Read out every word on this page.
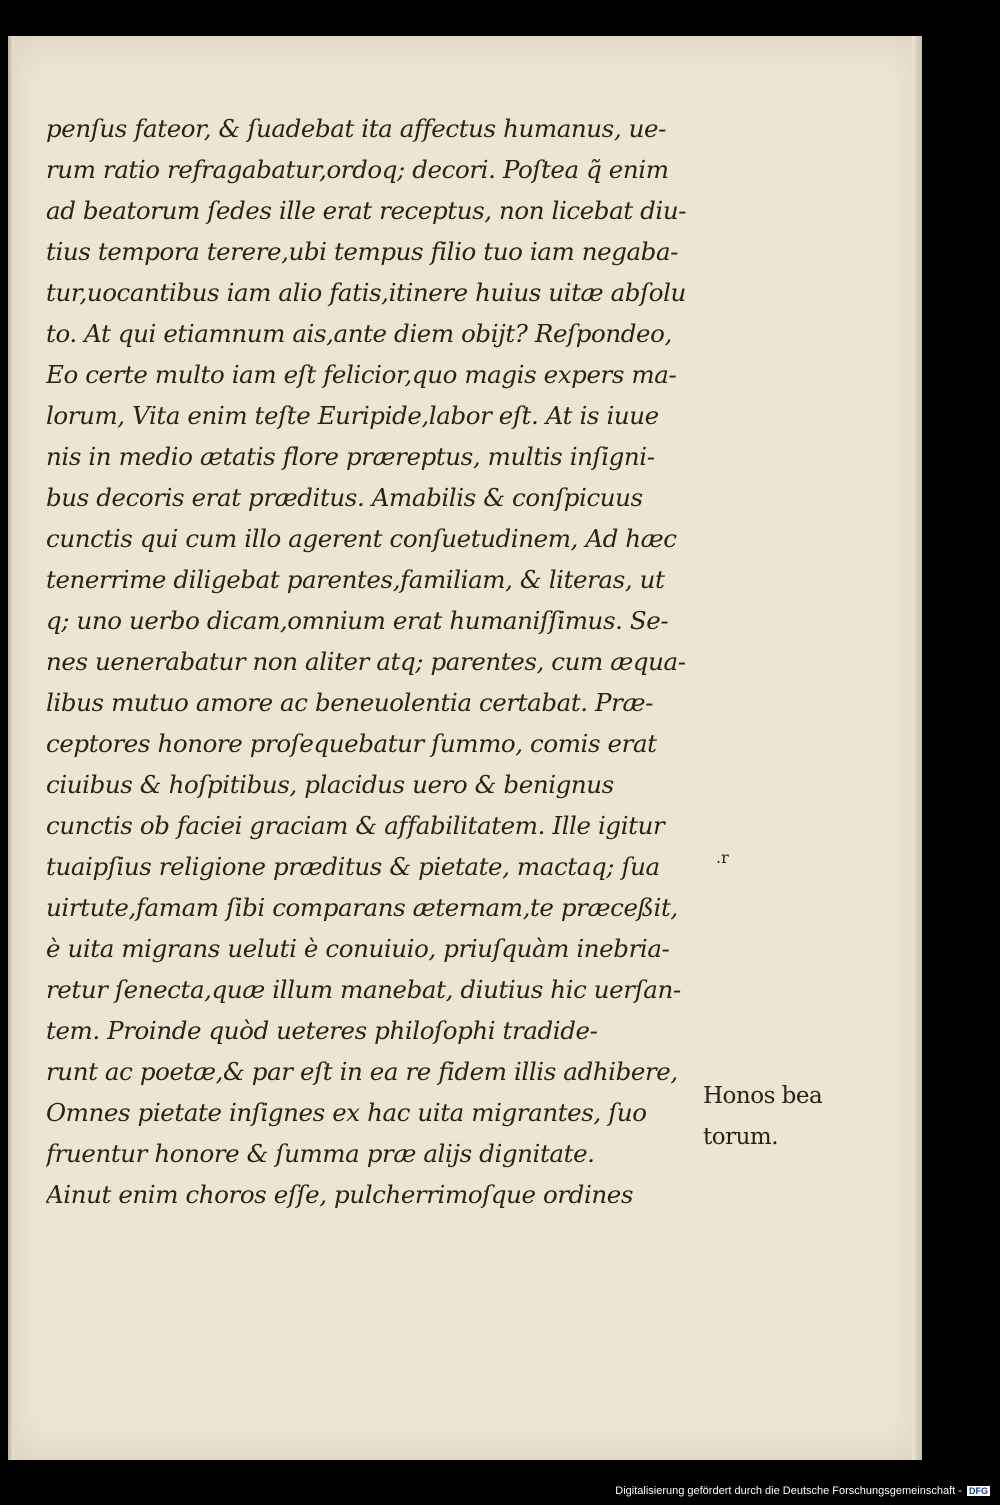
penſus fateor, & ſuadebat ita affectus humanus, ue-
rum ratio refragabatur,ordoq; decori. Poſtea q̃ enim
ad beatorum ſedes ille erat receptus, non licebat diu-
tius tempora terere,ubi tempus filio tuo iam negaba-
tur,uocantibus iam alio fatis,itinere huius uitæ abſolu
to. At qui etiamnum ais,ante diem obijt? Reſpondeo,
Eo certe multo iam eſt felicior,quo magis expers ma-
lorum, Vita enim teſte Euripide,labor eſt. At is iuue
nis in medio ætatis flore præreptus, multis inſigni-
bus decoris erat præditus. Amabilis & conſpicuus
cunctis qui cum illo agerent conſuetudinem, Ad hæc
tenerrime diligebat parentes,familiam, & literas, ut
q; uno uerbo dicam,omnium erat humaniſſimus. Se-
nes uenerabatur non aliter atq; parentes, cum æqua-
libus mutuo amore ac beneuolentia certabat. Præ-
ceptores honore proſequebatur ſummo, comis erat
ciuibus & hoſpitibus, placidus uero & benignus
cunctis ob faciei graciam & affabilitatem. Ille igitur
tuaipſius religione præditus & pietate, mactaq; ſua
uirtute,famam ſibi comparans æternam,te præceßit,
è uita migrans ueluti è conuiuio, priuſquàm inebria-
retur ſenecta,quæ illum manebat, diutius hic uerſan-
tem. Proinde quòd ueteres philoſophi tradide-
runt ac poetæ,& par eſt in ea re fidem illis adhibere,
Omnes pietate inſignes ex hac uita migrantes, ſuo
fruentur honore & ſumma præ alijs dignitate.
Ainut enim choros eſſe, pulcherrimoſque ordines
.r
Honos bea
torum.
Digitalisierung gefördert durch die Deutsche Forschungsgemeinschaft - DFG
